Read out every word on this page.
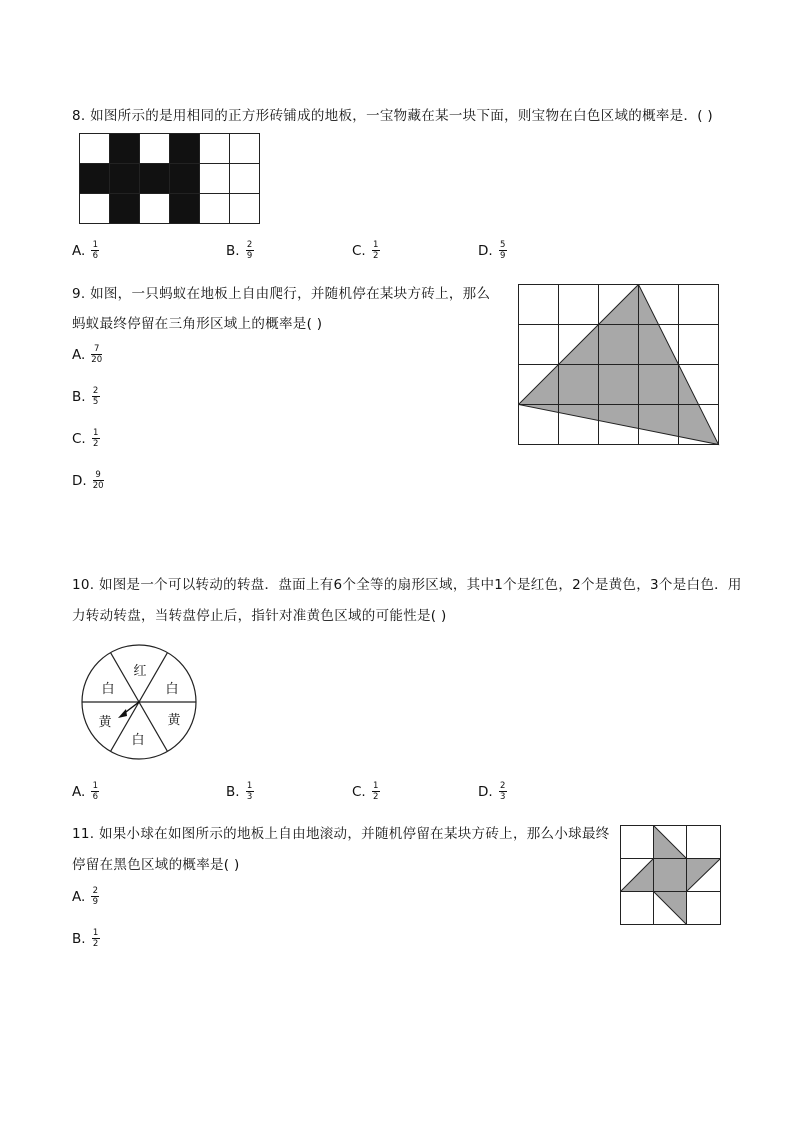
8. 如图所示的是用相同的正方形砖铺成的地板，一宝物藏在某一块下面，则宝物在白色区域的概率是．( )
A. $\frac{1}{6}$	B. $\frac{2}{9}$	C. $\frac{1}{2}$	D. $\frac{5}{9}$
9. 如图，一只蚂蚁在地板上自由爬行，并随机停在某块方砖上，那么
蚂蚁最终停留在三角形区域上的概率是( )
A. $\frac{7}{20}$
B. $\frac{2}{5}$
C. $\frac{1}{2}$
D. $\frac{9}{20}$
10. 如图是一个可以转动的转盘．盘面上有6个全等的扇形区域，其中1个是红色，2个是黄色，3个是白色．用
力转动转盘，当转盘停止后，指针对准黄色区域的可能性是( )
红
白	白
黄	黄
白
A. $\frac{1}{6}$	B. $\frac{1}{3}$	C. $\frac{1}{2}$	D. $\frac{2}{3}$
11. 如果小球在如图所示的地板上自由地滚动，并随机停留在某块方砖上，那么小球最终
停留在黑色区域的概率是( )
A. $\frac{2}{9}$
B. $\frac{1}{2}$
